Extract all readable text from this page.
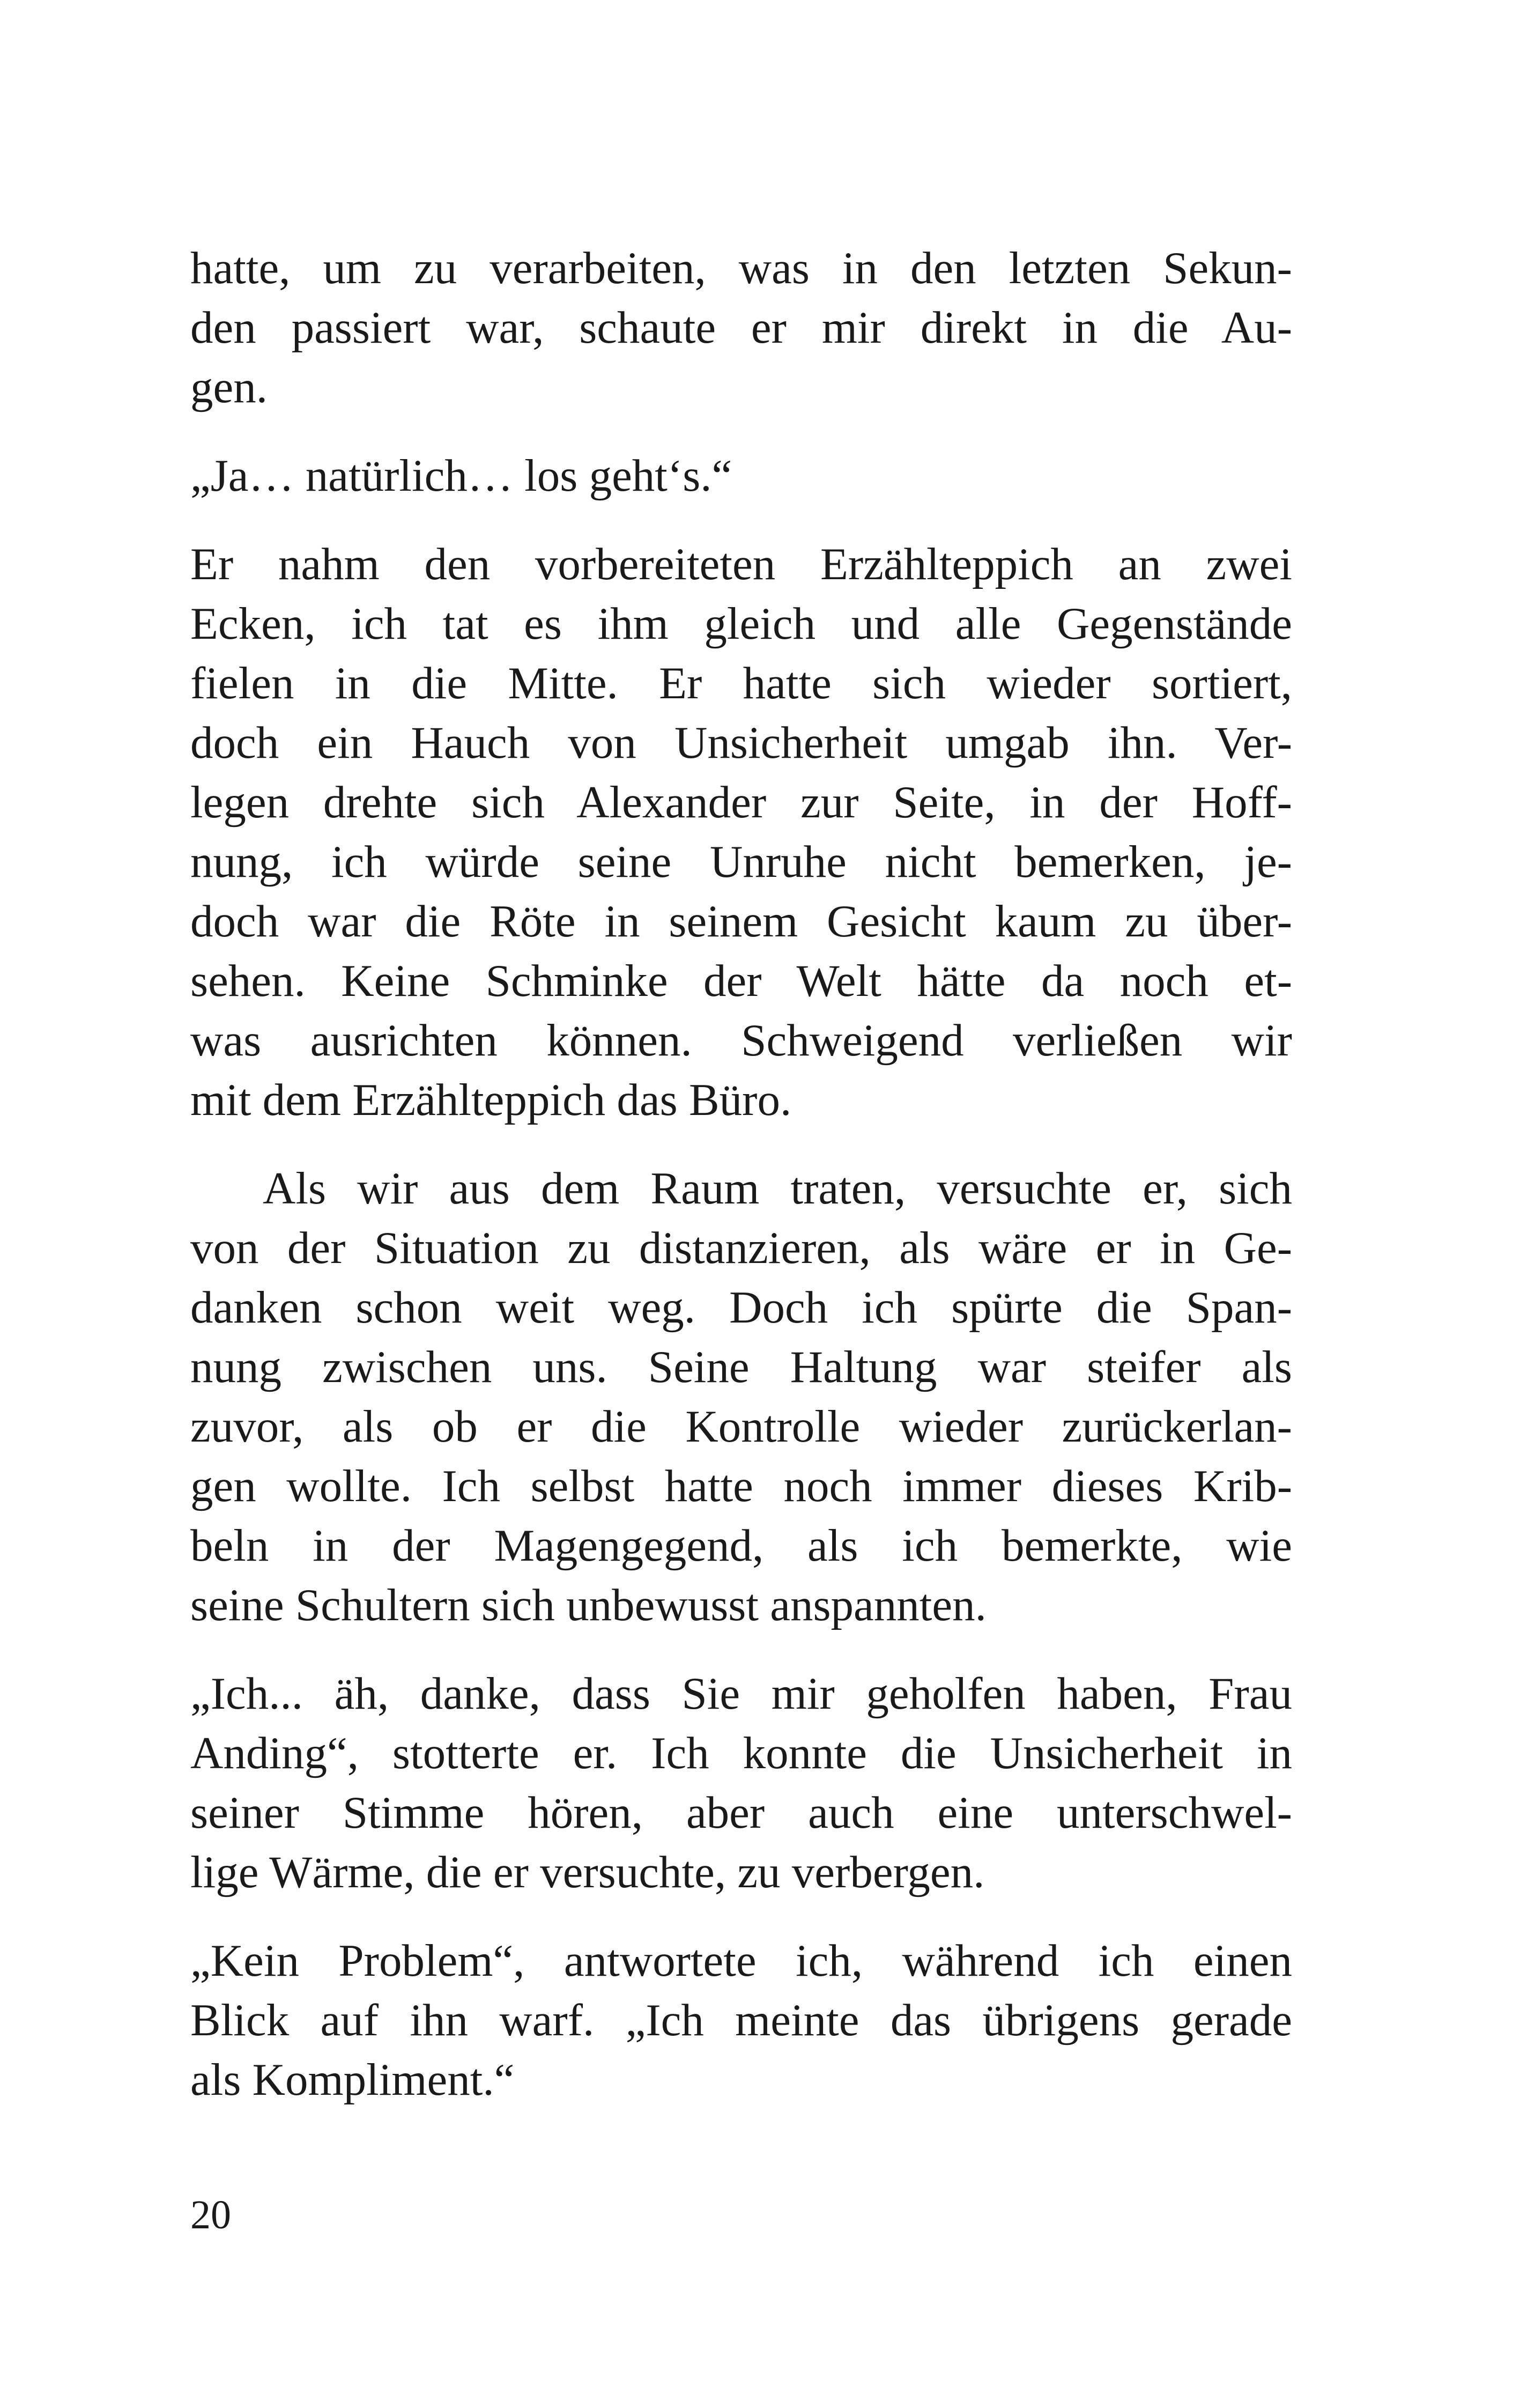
hatte, um zu verarbeiten, was in den letzten Sekun-
den passiert war, schaute er mir direkt in die Au-
gen.
„Ja… natürlich… los geht‘s.“
Er nahm den vorbereiteten Erzählteppich an zwei
Ecken, ich tat es ihm gleich und alle Gegenstände
fielen in die Mitte. Er hatte sich wieder sortiert,
doch ein Hauch von Unsicherheit umgab ihn. Ver-
legen drehte sich Alexander zur Seite, in der Hoff-
nung, ich würde seine Unruhe nicht bemerken, je-
doch war die Röte in seinem Gesicht kaum zu über-
sehen. Keine Schminke der Welt hätte da noch et-
was ausrichten können. Schweigend verließen wir
mit dem Erzählteppich das Büro.
Als wir aus dem Raum traten, versuchte er, sich
von der Situation zu distanzieren, als wäre er in Ge-
danken schon weit weg. Doch ich spürte die Span-
nung zwischen uns. Seine Haltung war steifer als
zuvor, als ob er die Kontrolle wieder zurückerlan-
gen wollte. Ich selbst hatte noch immer dieses Krib-
beln in der Magengegend, als ich bemerkte, wie
seine Schultern sich unbewusst anspannten.
„Ich... äh, danke, dass Sie mir geholfen haben, Frau
Anding“, stotterte er. Ich konnte die Unsicherheit in
seiner Stimme hören, aber auch eine unterschwel-
lige Wärme, die er versuchte, zu verbergen.
„Kein Problem“, antwortete ich, während ich einen
Blick auf ihn warf. „Ich meinte das übrigens gerade
als Kompliment.“
20
